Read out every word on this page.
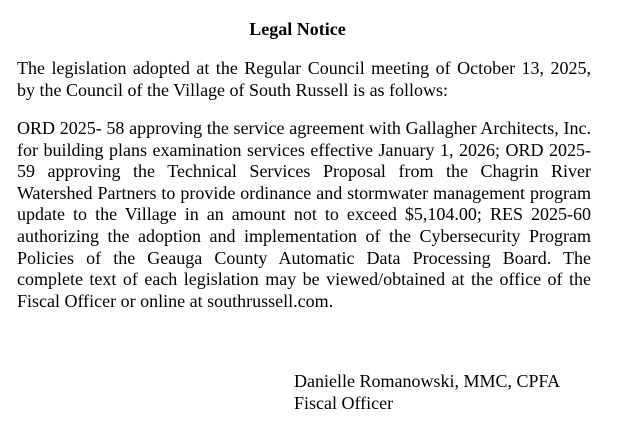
Legal Notice

The legislation adopted at the Regular Council meeting of October 13, 2025, by the Council of the Village of South Russell is as follows:

ORD 2025- 58 approving the service agreement with Gallagher Architects, Inc. for building plans examination services effective January 1, 2026; ORD 2025-59 approving the Technical Services Proposal from the Chagrin River Watershed Partners to provide ordinance and stormwater management program update to the Village in an amount not to exceed $5,104.00; RES 2025-60 authorizing the adoption and implementation of the Cybersecurity Program Policies of the Geauga County Automatic Data Processing Board. The complete text of each legislation may be viewed/obtained at the office of the Fiscal Officer or online at southrussell.com.

Danielle Romanowski, MMC, CPFA
Fiscal Officer
